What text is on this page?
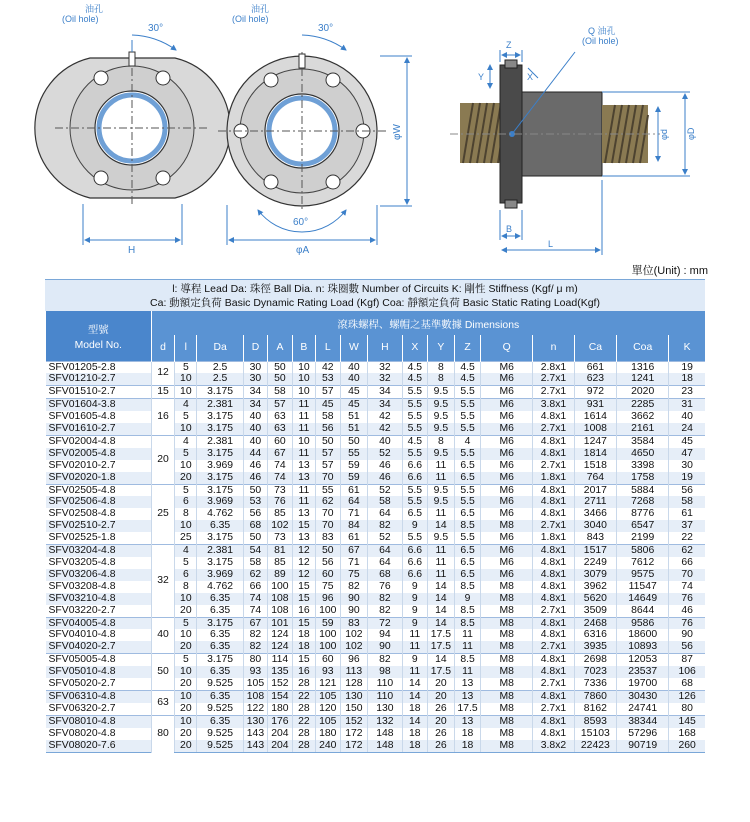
油孔
(Oil hole)
30°
H
油孔
(Oil hole)
30°
60°
φA
φW
Z
Y	X
B
L
φd φD
Q 油孔
(Oil hole)
單位(Unit) : mm
l: 導程 Lead Da: 珠徑 Ball Dia. n: 珠圈數 Number of Circuits K: 剛性 Stiffness (Kgf/ μ m)
Ca: 動額定負荷 Basic Dynamic Rating Load (Kgf) Coa: 靜額定負荷 Basic Static Rating Load(Kgf)
型號
Model No.	滾珠螺桿、螺帽之基準數據 Dimensions																
	d	l	Da	D	A	B	L	W	H	X	Y	Z	Q	n	Ca	Coa	K
SFV01205-2.8	12	5	2.5	30	50	10	42	40	32	4.5	8	4.5	M6	2.8x1	661	1316	19
SFV01210-2.7		10	2.5	30	50	10	53	40	32	4.5	8	4.5	M6	2.7x1	623	1241	18
SFV01510-2.7	15	10	3.175	34	58	10	57	45	34	5.5	9.5	5.5	M6	2.7x1	972	2020	23
SFV01604-3.8	16	4	2.381	34	57	11	45	45	34	5.5	9.5	5.5	M6	3.8x1	931	2285	31
SFV01605-4.8		5	3.175	40	63	11	58	51	42	5.5	9.5	5.5	M6	4.8x1	1614	3662	40
SFV01610-2.7		10	3.175	40	63	11	56	51	42	5.5	9.5	5.5	M6	2.7x1	1008	2161	24
SFV02004-4.8	20	4	2.381	40	60	10	50	50	40	4.5	8	4	M6	4.8x1	1247	3584	45
SFV02005-4.8		5	3.175	44	67	11	57	55	52	5.5	9.5	5.5	M6	4.8x1	1814	4650	47
SFV02010-2.7		10	3.969	46	74	13	57	59	46	6.6	11	6.5	M6	2.7x1	1518	3398	30
SFV02020-1.8		20	3.175	46	74	13	70	59	46	6.6	11	6.5	M6	1.8x1	764	1758	19
SFV02505-4.8	25	5	3.175	50	73	11	55	61	52	5.5	9.5	5.5	M6	4.8x1	2017	5884	56
SFV02506-4.8		6	3.969	53	76	11	62	64	58	5.5	9.5	5.5	M6	4.8x1	2711	7268	58
SFV02508-4.8		8	4.762	56	85	13	70	71	64	6.5	11	6.5	M6	4.8x1	3466	8776	61
SFV02510-2.7		10	6.35	68	102	15	70	84	82	9	14	8.5	M8	2.7x1	3040	6547	37
SFV02525-1.8		25	3.175	50	73	13	83	61	52	5.5	9.5	5.5	M6	1.8x1	843	2199	22
SFV03204-4.8	32	4	2.381	54	81	12	50	67	64	6.6	11	6.5	M6	4.8x1	1517	5806	62
SFV03205-4.8		5	3.175	58	85	12	56	71	64	6.6	11	6.5	M6	4.8x1	2249	7612	66
SFV03206-4.8		6	3.969	62	89	12	60	75	68	6.6	11	6.5	M6	4.8x1	3079	9575	70
SFV03208-4.8		8	4.762	66	100	15	75	82	76	9	14	8.5	M8	4.8x1	3962	11547	74
SFV03210-4.8		10	6.35	74	108	15	96	90	82	9	14	9	M8	4.8x1	5620	14649	76
SFV03220-2.7		20	6.35	74	108	16	100	90	82	9	14	8.5	M8	2.7x1	3509	8644	46
SFV04005-4.8	40	5	3.175	67	101	15	59	83	72	9	14	8.5	M8	4.8x1	2468	9586	76
SFV04010-4.8		10	6.35	82	124	18	100	102	94	11	17.5	11	M8	4.8x1	6316	18600	90
SFV04020-2.7		20	6.35	82	124	18	100	102	90	11	17.5	11	M8	2.7x1	3935	10893	56
SFV05005-4.8	50	5	3.175	80	114	15	60	96	82	9	14	8.5	M8	4.8x1	2698	12053	87
SFV05010-4.8		10	6.35	93	135	16	93	113	98	11	17.5	11	M8	4.8x1	7023	23537	106
SFV05020-2.7		20	9.525	105	152	28	121	128	110	14	20	13	M8	2.7x1	7336	19700	68
SFV06310-4.8	63	10	6.35	108	154	22	105	130	110	14	20	13	M8	4.8x1	7860	30430	126
SFV06320-2.7		20	9.525	122	180	28	120	150	130	18	26	17.5	M8	2.7x1	8162	24741	80
SFV08010-4.8	80	10	6.35	130	176	22	105	152	132	14	20	13	M8	4.8x1	8593	38344	145
SFV08020-4.8		20	9.525	143	204	28	180	172	148	18	26	18	M8	4.8x1	15103	57296	168
SFV08020-7.6		20	9.525	143	204	28	240	172	148	18	26	18	M8	3.8x2	22423	90719	260
